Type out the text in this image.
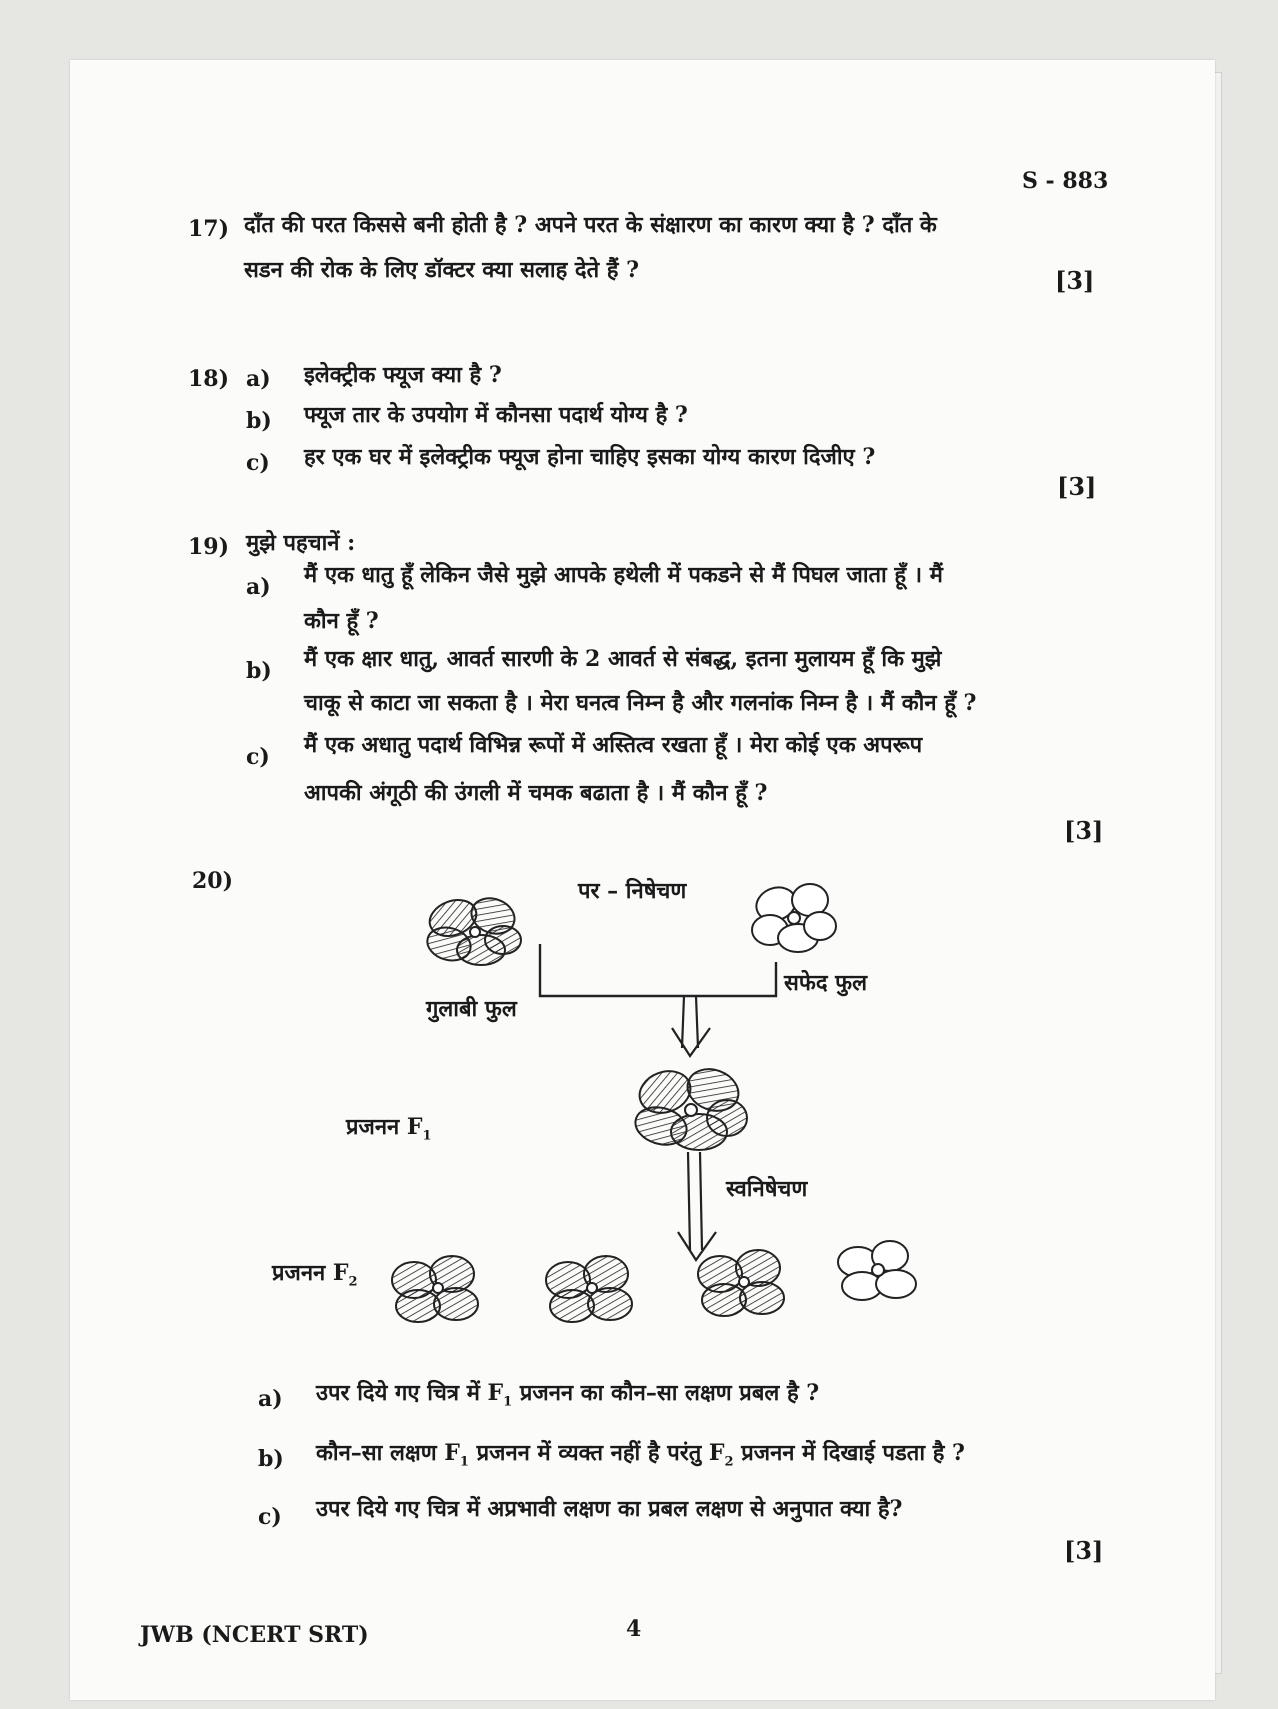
S - 883
17) दाँत की परत किससे बनी होती है ? अपने परत के संक्षारण का कारण क्या है ? दाँत के
सडन की रोक के लिए डॉक्टर क्या सलाह देते हैं ?	[3]
18) a) इलेक्ट्रीक फ्यूज क्या है ?
b) फ्यूज तार के उपयोग में कौनसा पदार्थ योग्य है ?
c) हर एक घर में इलेक्ट्रीक फ्यूज होना चाहिए इसका योग्य कारण दिजीए ?
[3]
19) मुझे पहचानें :
a) मैं एक धातु हूँ लेकिन जैसे मुझे आपके हथेली में पकडने से मैं पिघल जाता हूँ । मैं
कौन हूँ ?
b) मैं एक क्षार धातु, आवर्त सारणी के 2 आवर्त से संबद्ध, इतना मुलायम हूँ कि मुझे
चाकू से काटा जा सकता है । मेरा घनत्व निम्न है और गलनांक निम्न है । मैं कौन हूँ ?
c) मैं एक अधातु पदार्थ विभिन्न रूपों में अस्तित्व रखता हूँ । मेरा कोई एक अपरूप
आपकी अंगूठी की उंगली में चमक बढाता है । मैं कौन हूँ ?
[3]
20)	पर – निषेचण
गुलाबी फुल
सफेद फुल
प्रजनन $F_1$
स्वनिषेचण
प्रजनन $F_2$
a) उपर दिये गए चित्र में $F_1$ प्रजनन का कौन–सा लक्षण प्रबल है ?
b) कौन–सा लक्षण $F_1$ प्रजनन में व्यक्त नहीं है परंतु $F_2$ प्रजनन में दिखाई पडता है ?
c) उपर दिये गए चित्र में अप्रभावी लक्षण का प्रबल लक्षण से अनुपात क्या है?
[3]
JWB (NCERT SRT)	4
